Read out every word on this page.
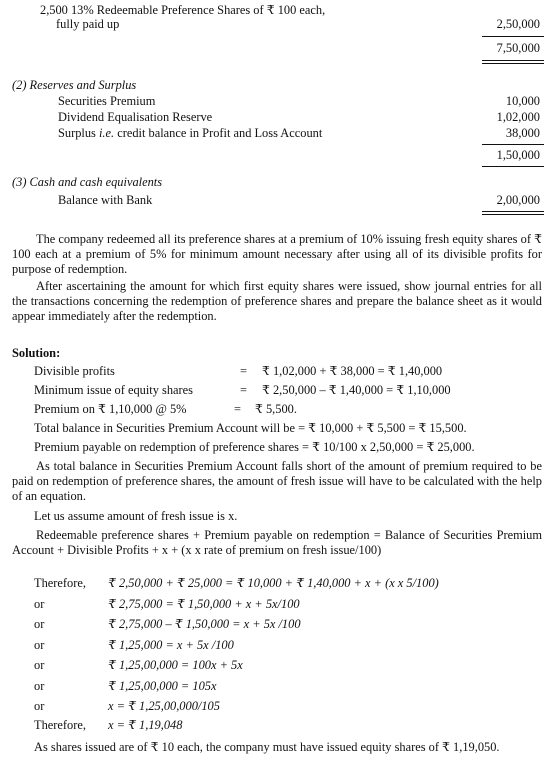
2,500 13% Redeemable Preference Shares of ₹ 100 each,
fully paid up	2,50,000
7,50,000
(2) Reserves and Surplus
Securities Premium	10,000
Dividend Equalisation Reserve	1,02,000
Surplus i.e. credit balance in Profit and Loss Account	38,000
1,50,000
(3) Cash and cash equivalents
Balance with Bank	2,00,000
The company redeemed all its preference shares at a premium of 10% issuing fresh equity shares of ₹ 100 each at a premium of 5% for minimum amount necessary after using all of its divisible profits for purpose of redemption.
After ascertaining the amount for which first equity shares were issued, show journal entries for all the transactions concerning the redemption of preference shares and prepare the balance sheet as it would appear immediately after the redemption.
Solution:
Divisible profits	= ₹ 1,02,000 + ₹ 38,000 = ₹ 1,40,000
Minimum issue of equity shares	= ₹ 2,50,000 – ₹ 1,40,000 = ₹ 1,10,000
Premium on ₹ 1,10,000 @ 5%	= ₹ 5,500.
Total balance in Securities Premium Account will be = ₹ 10,000 + ₹ 5,500 = ₹ 15,500.
Premium payable on redemption of preference shares = ₹ 10/100 x 2,50,000 = ₹ 25,000.
As total balance in Securities Premium Account falls short of the amount of premium required to be paid on redemption of preference shares, the amount of fresh issue will have to be calculated with the help of an equation.
Let us assume amount of fresh issue is x.
Redeemable preference shares + Premium payable on redemption = Balance of Securities Premium Account + Divisible Profits + x + (x x rate of premium on fresh issue/100)
Therefore, ₹ 2,50,000 + ₹ 25,000 = ₹ 10,000 + ₹ 1,40,000 + x + (x x 5/100)
or	₹ 2,75,000 = ₹ 1,50,000 + x + 5x/100
or	₹ 2,75,000 – ₹ 1,50,000 = x + 5x /100
or	₹ 1,25,000 = x + 5x /100
or	₹ 1,25,00,000 = 100x + 5x
or	₹ 1,25,00,000 = 105x
or	x = ₹ 1,25,00,000/105
Therefore, x = ₹ 1,19,048
As shares issued are of ₹ 10 each, the company must have issued equity shares of ₹ 1,19,050.
